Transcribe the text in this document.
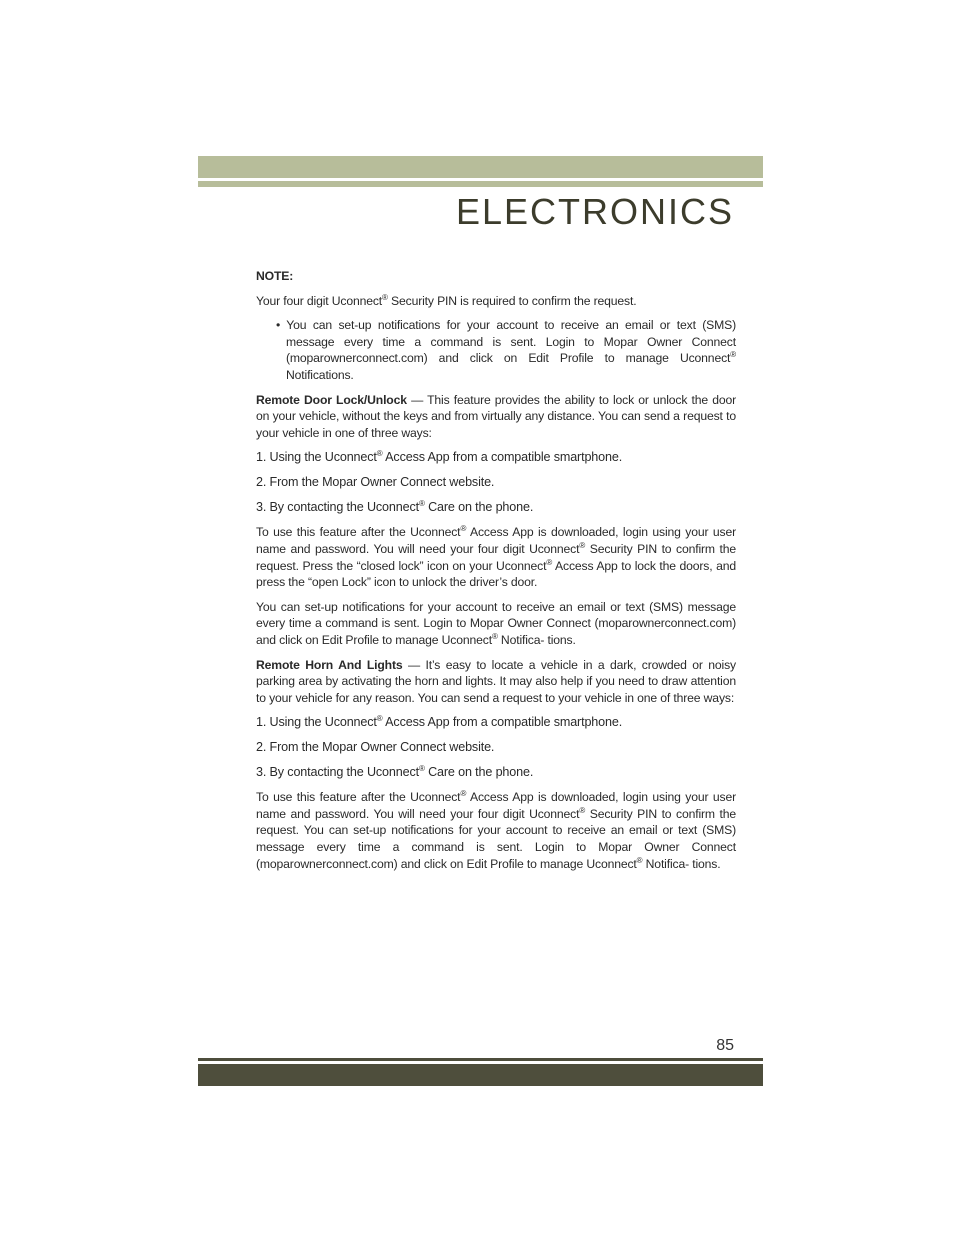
ELECTRONICS

NOTE:

Your four digit Uconnect® Security PIN is required to confirm the request.

• You can set-up notifications for your account to receive an email or text (SMS) message every time a command is sent. Login to Mopar Owner Connect (moparownerconnect.com) and click on Edit Profile to manage Uconnect® Notifications.

Remote Door Lock/Unlock — This feature provides the ability to lock or unlock the door on your vehicle, without the keys and from virtually any distance. You can send a request to your vehicle in one of three ways:

1. Using the Uconnect® Access App from a compatible smartphone.

2. From the Mopar Owner Connect website.

3. By contacting the Uconnect® Care on the phone.

To use this feature after the Uconnect® Access App is downloaded, login using your user name and password. You will need your four digit Uconnect® Security PIN to confirm the request. Press the “closed lock” icon on your Uconnect® Access App to lock the doors, and press the “open Lock” icon to unlock the driver’s door.

You can set-up notifications for your account to receive an email or text (SMS) message every time a command is sent. Login to Mopar Owner Connect (moparownerconnect.com) and click on Edit Profile to manage Uconnect® Notifica- tions.

Remote Horn And Lights — It’s easy to locate a vehicle in a dark, crowded or noisy parking area by activating the horn and lights. It may also help if you need to draw attention to your vehicle for any reason. You can send a request to your vehicle in one of three ways:

1. Using the Uconnect® Access App from a compatible smartphone.

2. From the Mopar Owner Connect website.

3. By contacting the Uconnect® Care on the phone.

To use this feature after the Uconnect® Access App is downloaded, login using your user name and password. You will need your four digit Uconnect® Security PIN to confirm the request. You can set-up notifications for your account to receive an email or text (SMS) message every time a command is sent. Login to Mopar Owner Connect (moparownerconnect.com) and click on Edit Profile to manage Uconnect® Notifica- tions.

85
